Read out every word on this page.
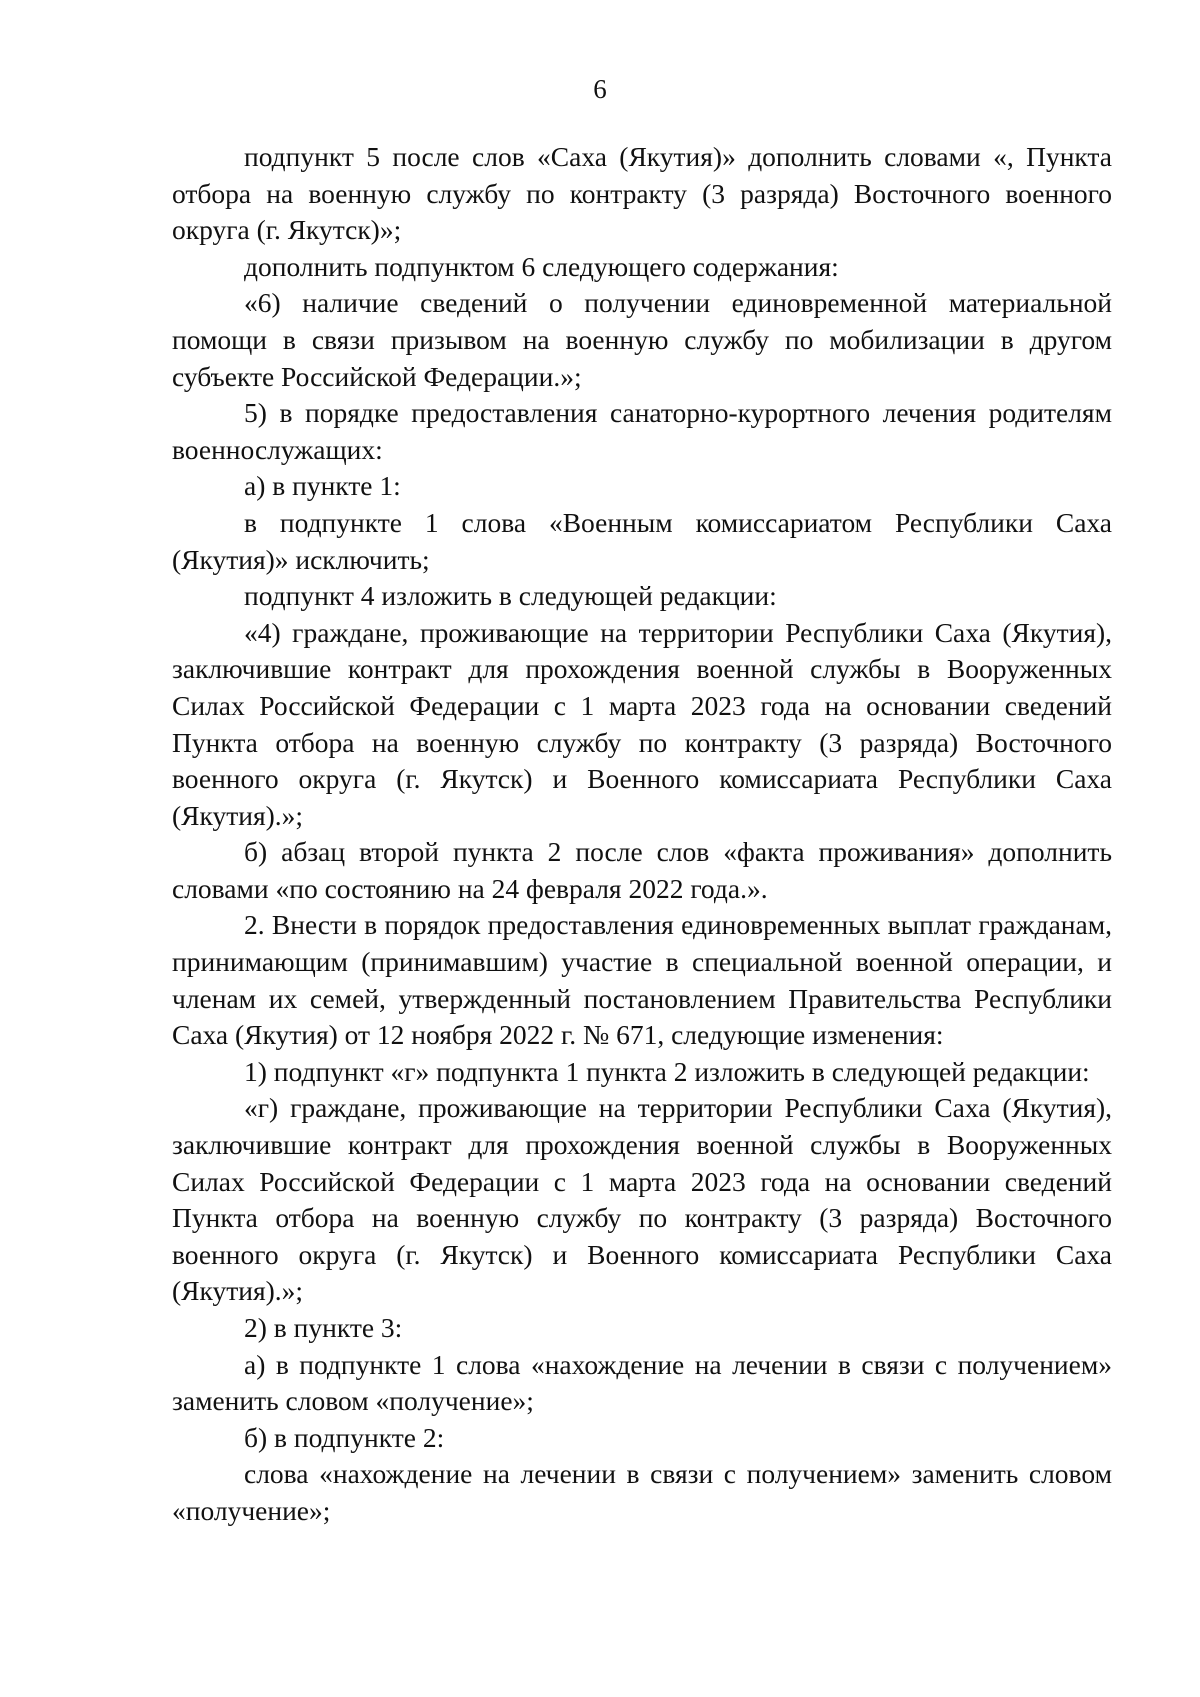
6

подпункт 5 после слов «Саха (Якутия)» дополнить словами «, Пункта отбора на военную службу по контракту (3 разряда) Восточного военного округа (г. Якутск)»;

дополнить подпунктом 6 следующего содержания:

«6) наличие сведений о получении единовременной материальной помощи в связи призывом на военную службу по мобилизации в другом субъекте Российской Федерации.»;

5) в порядке предоставления санаторно-курортного лечения родителям военнослужащих:

а) в пункте 1:

в подпункте 1 слова «Военным комиссариатом Республики Саха (Якутия)» исключить;

подпункт 4 изложить в следующей редакции:

«4) граждане, проживающие на территории Республики Саха (Якутия), заключившие контракт для прохождения военной службы в Вооруженных Силах Российской Федерации с 1 марта 2023 года на основании сведений Пункта отбора на военную службу по контракту (3 разряда) Восточного военного округа (г. Якутск) и Военного комиссариата Республики Саха (Якутия).»;

б) абзац второй пункта 2 после слов «факта проживания» дополнить словами «по состоянию на 24 февраля 2022 года.».

2. Внести в порядок предоставления единовременных выплат гражданам, принимающим (принимавшим) участие в специальной военной операции, и членам их семей, утвержденный постановлением Правительства Республики Саха (Якутия) от 12 ноября 2022 г. № 671, следующие изменения:

1) подпункт «г» подпункта 1 пункта 2 изложить в следующей редакции:

«г) граждане, проживающие на территории Республики Саха (Якутия), заключившие контракт для прохождения военной службы в Вооруженных Силах Российской Федерации с 1 марта 2023 года на основании сведений Пункта отбора на военную службу по контракту (3 разряда) Восточного военного округа (г. Якутск) и Военного комиссариата Республики Саха (Якутия).»;

2) в пункте 3:

а) в подпункте 1 слова «нахождение на лечении в связи с получением» заменить словом «получение»;

б) в подпункте 2:

слова «нахождение на лечении в связи с получением» заменить словом «получение»;
